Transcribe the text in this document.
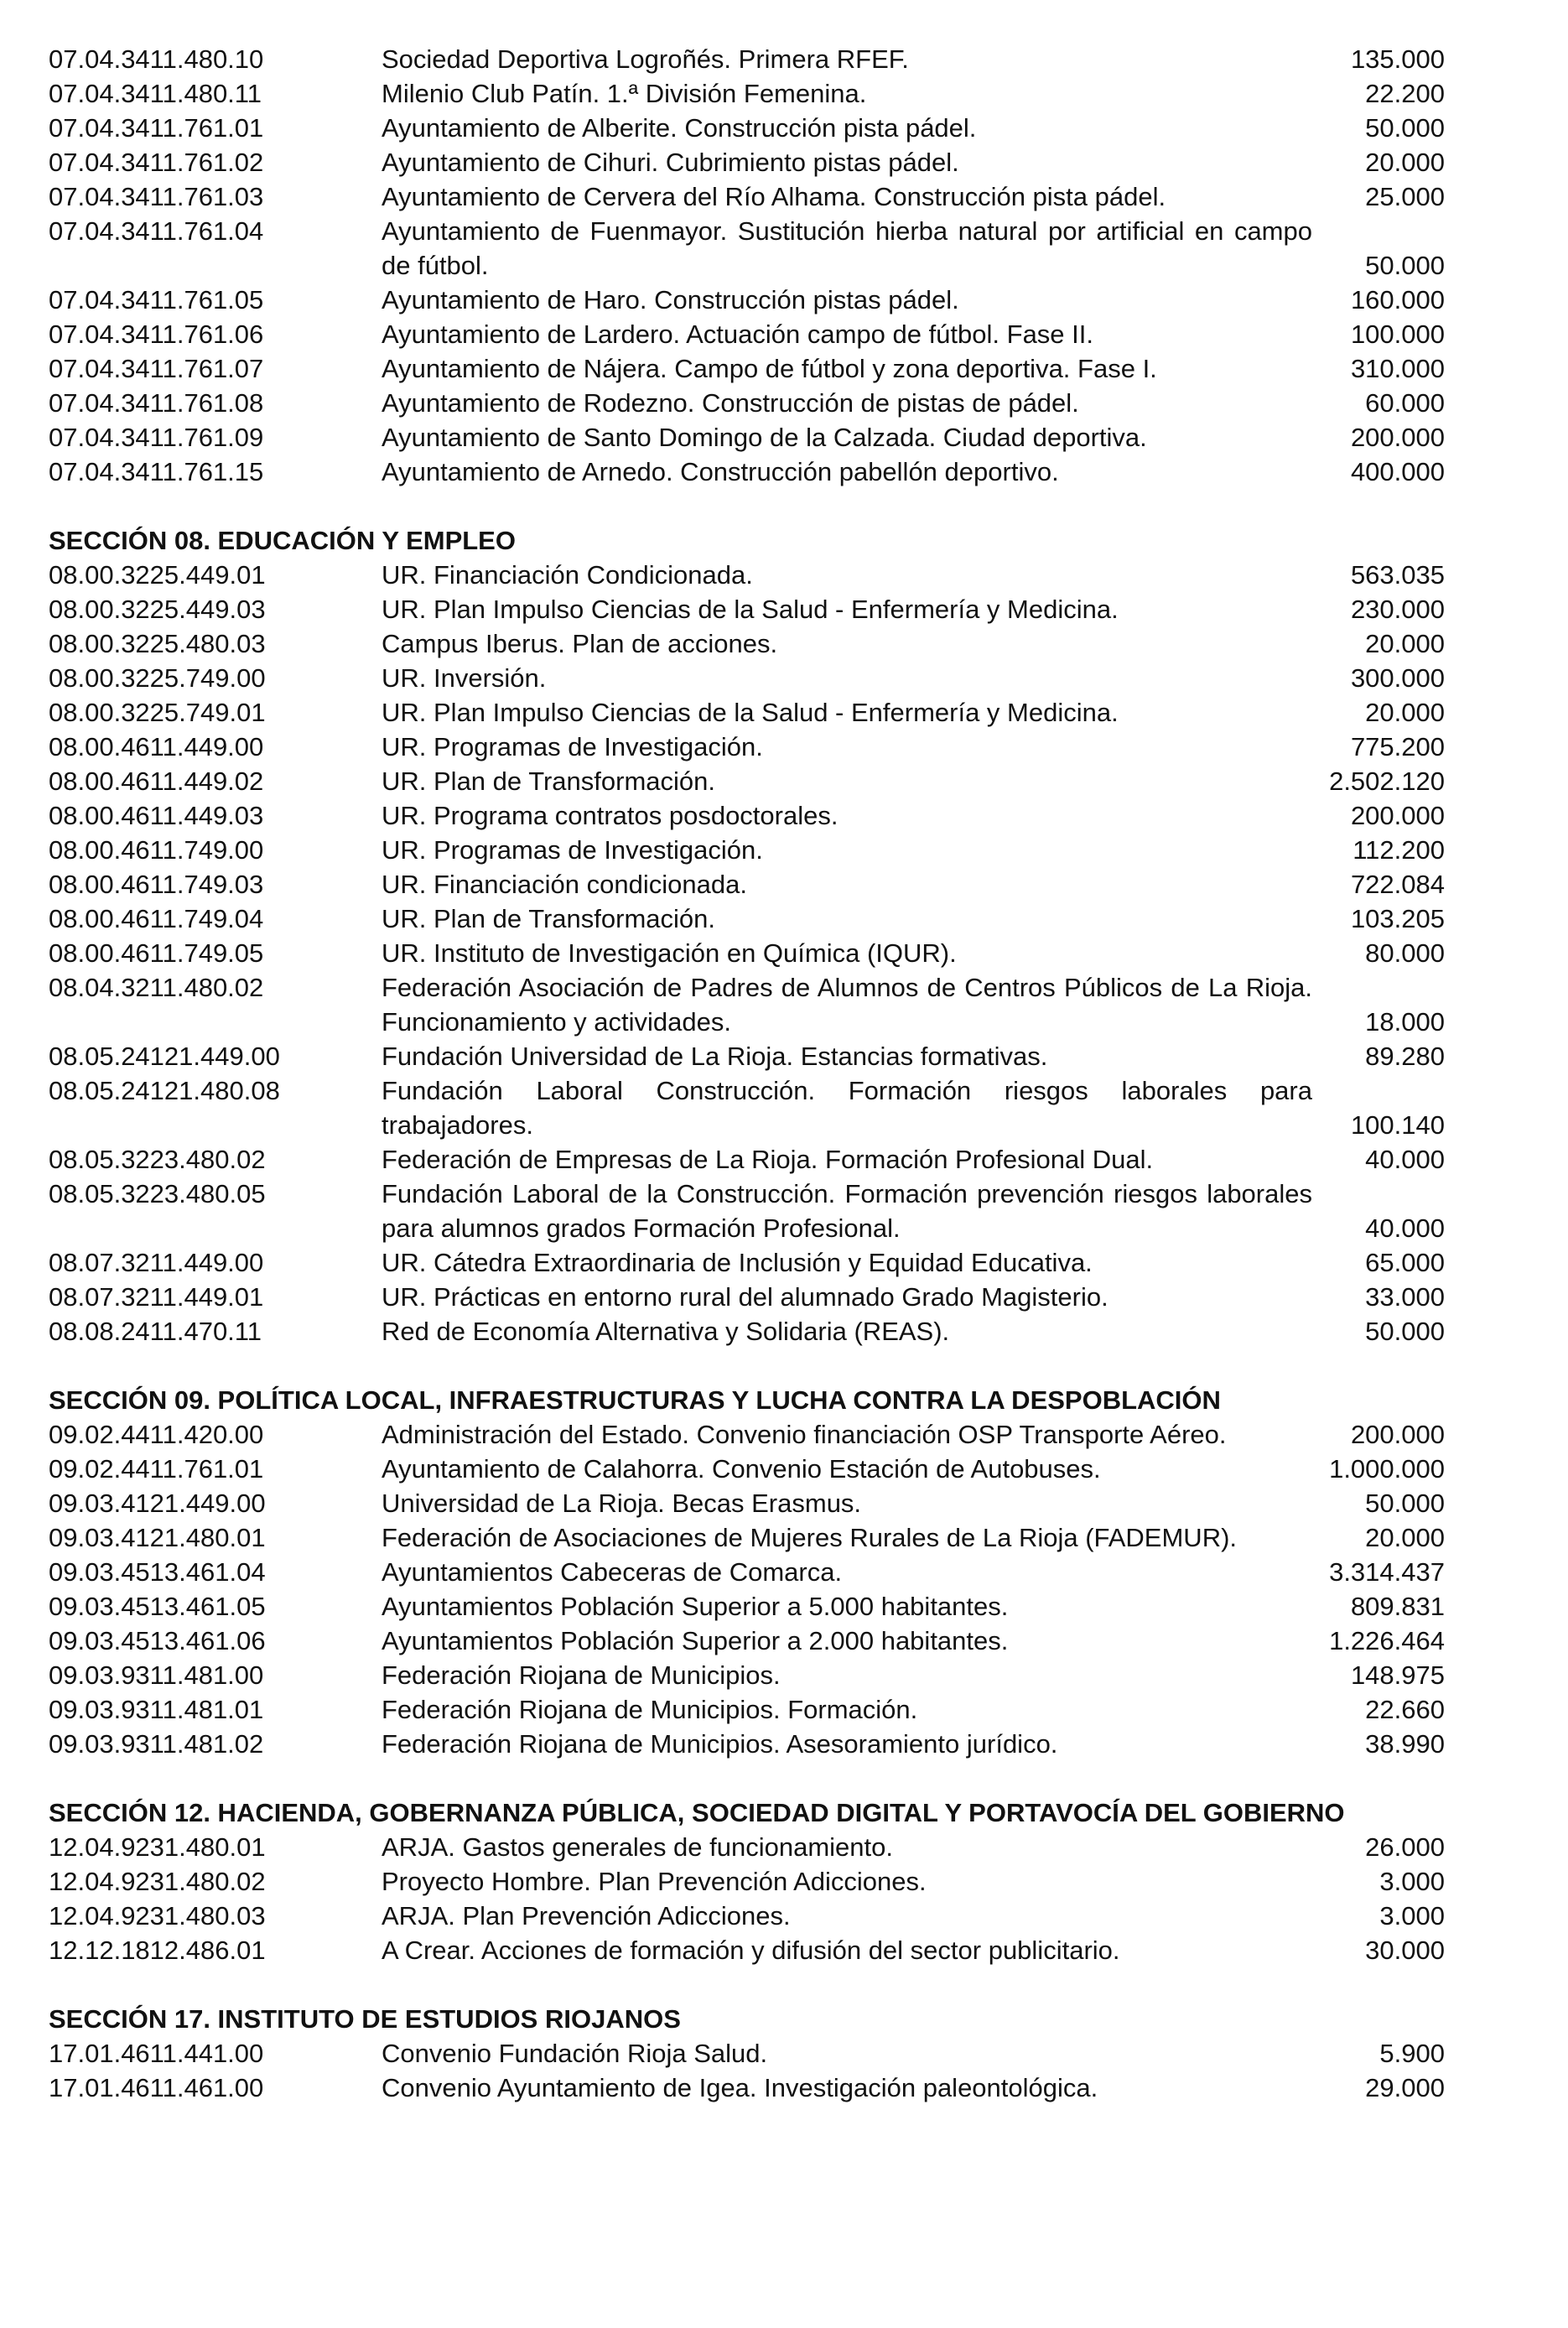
07.04.3411.480.10	Sociedad Deportiva Logroñés. Primera RFEF.	135.000
07.04.3411.480.11	Milenio Club Patín. 1.ª División Femenina.	22.200
07.04.3411.761.01	Ayuntamiento de Alberite. Construcción pista pádel.	50.000
07.04.3411.761.02	Ayuntamiento de Cihuri. Cubrimiento pistas pádel.	20.000
07.04.3411.761.03	Ayuntamiento de Cervera del Río Alhama. Construcción pista pádel.	25.000
07.04.3411.761.04	Ayuntamiento de Fuenmayor. Sustitución hierba natural por artificial en campo de fútbol.	50.000
07.04.3411.761.05	Ayuntamiento de Haro. Construcción pistas pádel.	160.000
07.04.3411.761.06	Ayuntamiento de Lardero. Actuación campo de fútbol. Fase II.	100.000
07.04.3411.761.07	Ayuntamiento de Nájera. Campo de fútbol y zona deportiva. Fase I.	310.000
07.04.3411.761.08	Ayuntamiento de Rodezno. Construcción de pistas de pádel.	60.000
07.04.3411.761.09	Ayuntamiento de Santo Domingo de la Calzada. Ciudad deportiva.	200.000
07.04.3411.761.15	Ayuntamiento de Arnedo. Construcción pabellón deportivo.	400.000
SECCIÓN 08. EDUCACIÓN Y EMPLEO
08.00.3225.449.01	UR. Financiación Condicionada.	563.035
08.00.3225.449.03	UR. Plan Impulso Ciencias de la Salud - Enfermería y Medicina.	230.000
08.00.3225.480.03	Campus Iberus. Plan de acciones.	20.000
08.00.3225.749.00	UR. Inversión.	300.000
08.00.3225.749.01	UR. Plan Impulso Ciencias de la Salud - Enfermería y Medicina.	20.000
08.00.4611.449.00	UR. Programas de Investigación.	775.200
08.00.4611.449.02	UR. Plan de Transformación.	2.502.120
08.00.4611.449.03	UR. Programa contratos posdoctorales.	200.000
08.00.4611.749.00	UR. Programas de Investigación.	112.200
08.00.4611.749.03	UR. Financiación condicionada.	722.084
08.00.4611.749.04	UR. Plan de Transformación.	103.205
08.00.4611.749.05	UR. Instituto de Investigación en Química (IQUR).	80.000
08.04.3211.480.02	Federación Asociación de Padres de Alumnos de Centros Públicos de La Rioja. Funcionamiento y actividades.	18.000
08.05.24121.449.00	Fundación Universidad de La Rioja. Estancias formativas.	89.280
08.05.24121.480.08	Fundación Laboral Construcción. Formación riesgos laborales para trabajadores.	100.140
08.05.3223.480.02	Federación de Empresas de La Rioja. Formación Profesional Dual.	40.000
08.05.3223.480.05	Fundación Laboral de la Construcción. Formación prevención riesgos laborales para alumnos grados Formación Profesional.	40.000
08.07.3211.449.00	UR. Cátedra Extraordinaria de Inclusión y Equidad Educativa.	65.000
08.07.3211.449.01	UR. Prácticas en entorno rural del alumnado Grado Magisterio.	33.000
08.08.2411.470.11	Red de Economía Alternativa y Solidaria (REAS).	50.000
SECCIÓN 09. POLÍTICA LOCAL, INFRAESTRUCTURAS Y LUCHA CONTRA LA DESPOBLACIÓN
09.02.4411.420.00	Administración del Estado. Convenio financiación OSP Transporte Aéreo.	200.000
09.02.4411.761.01	Ayuntamiento de Calahorra. Convenio Estación de Autobuses.	1.000.000
09.03.4121.449.00	Universidad de La Rioja. Becas Erasmus.	50.000
09.03.4121.480.01	Federación de Asociaciones de Mujeres Rurales de La Rioja (FADEMUR).	20.000
09.03.4513.461.04	Ayuntamientos Cabeceras de Comarca.	3.314.437
09.03.4513.461.05	Ayuntamientos Población Superior a 5.000 habitantes.	809.831
09.03.4513.461.06	Ayuntamientos Población Superior a 2.000 habitantes.	1.226.464
09.03.9311.481.00	Federación Riojana de Municipios.	148.975
09.03.9311.481.01	Federación Riojana de Municipios. Formación.	22.660
09.03.9311.481.02	Federación Riojana de Municipios. Asesoramiento jurídico.	38.990
SECCIÓN 12. HACIENDA, GOBERNANZA PÚBLICA, SOCIEDAD DIGITAL Y PORTAVOCÍA DEL GOBIERNO
12.04.9231.480.01	ARJA. Gastos generales de funcionamiento.	26.000
12.04.9231.480.02	Proyecto Hombre. Plan Prevención Adicciones.	3.000
12.04.9231.480.03	ARJA. Plan Prevención Adicciones.	3.000
12.12.1812.486.01	A Crear. Acciones de formación y difusión del sector publicitario.	30.000
SECCIÓN 17. INSTITUTO DE ESTUDIOS RIOJANOS
17.01.4611.441.00	Convenio Fundación Rioja Salud.	5.900
17.01.4611.461.00	Convenio Ayuntamiento de Igea. Investigación paleontológica.	29.000
